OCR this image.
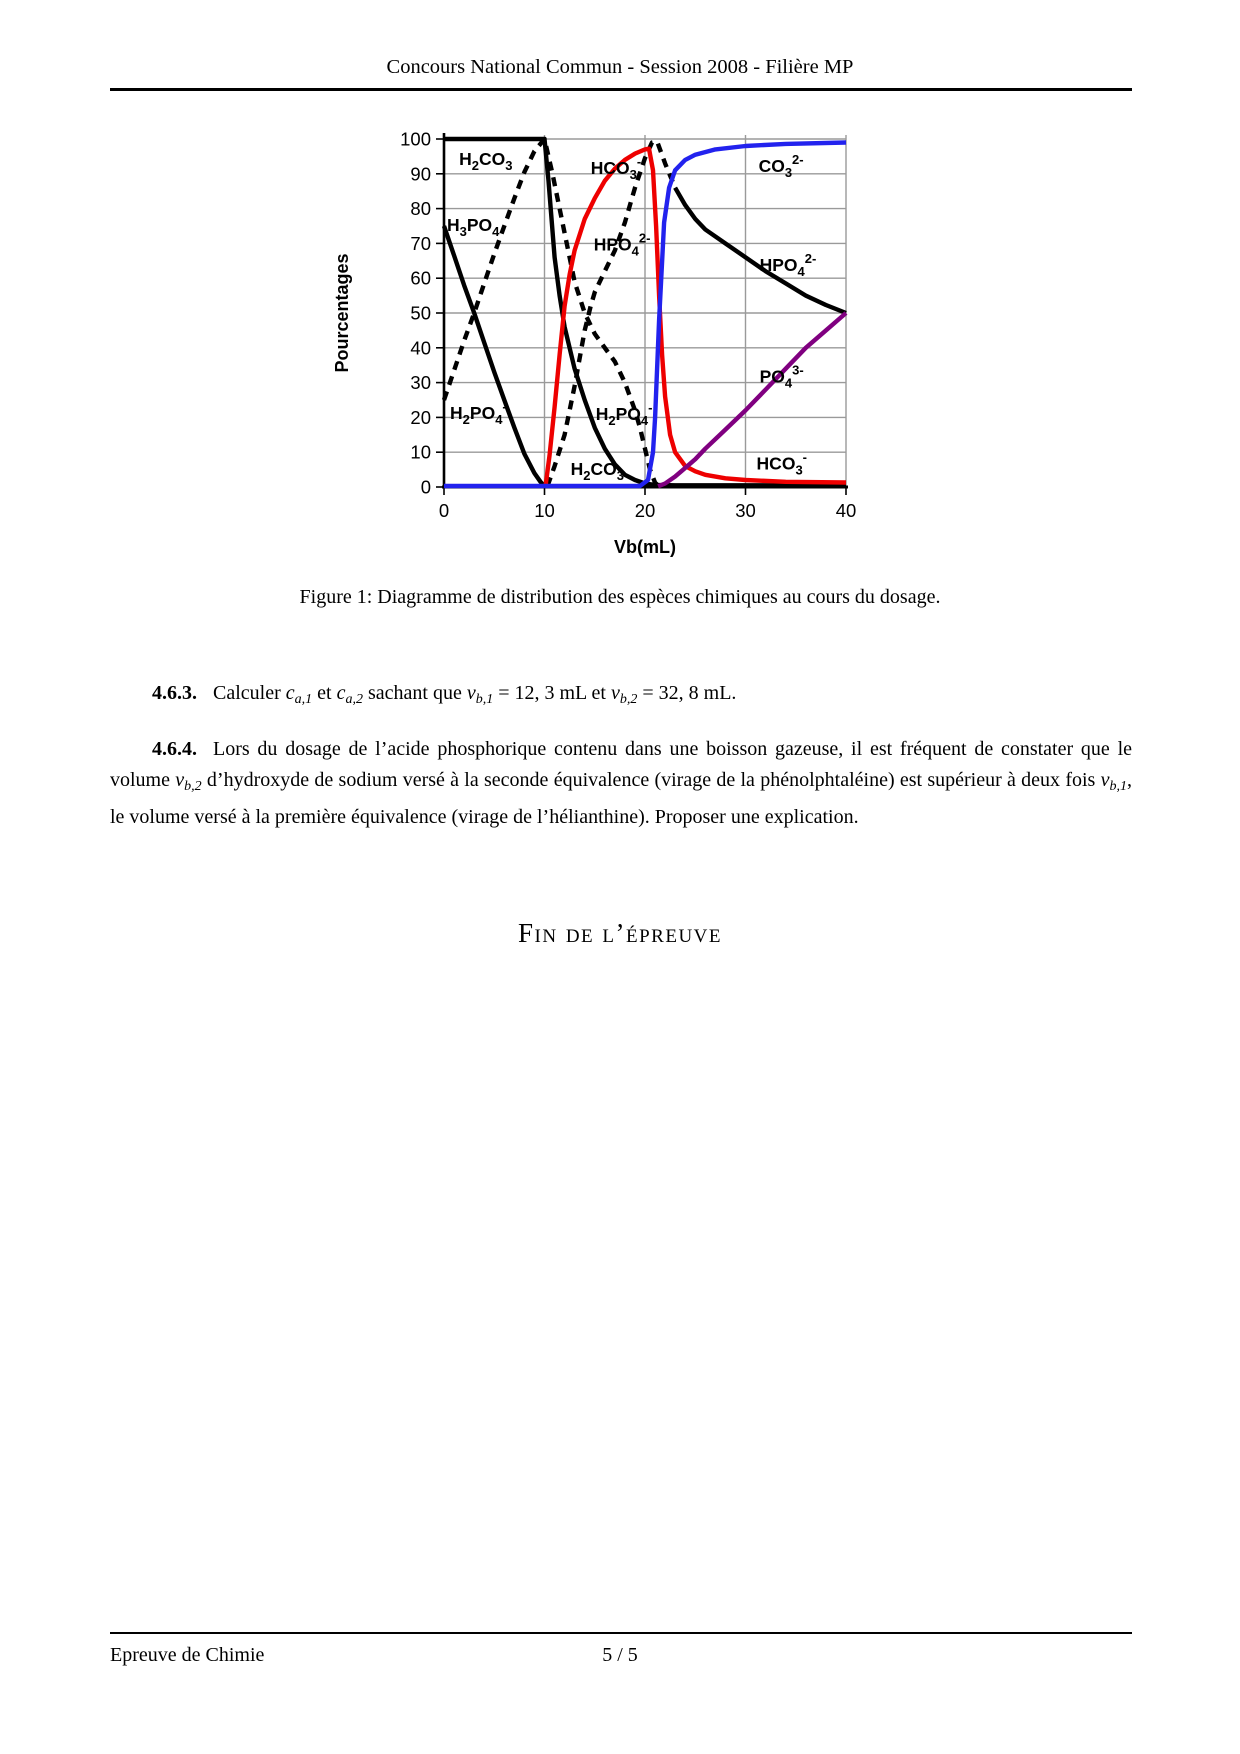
Concours National Commun - Session 2008 - Filière MP
Pourcentages
Vb(mL)
0
10
20
30
40
50
60
70
80
90
100
0	10	20	30	40
$H_2CO_3$	$HCO_3^-$	$CO_3^{2-}$
$H_3PO_4$
$HPO_4^{2-}$
$HPO_4^{2-}$
$H_2PO_4^-$	$H_2PO_4^-$
$PO_4^{3-}$
$H_2CO_3$
$HCO_3^-$
Figure 1: Diagramme de distribution des espèces chimiques au cours du dosage.

4.6.3. Calculer $c_{a,1}$ et $c_{a,2}$ sachant que $v_{b,1} = 12$, 3 mL et $v_{b,2} = 32$, 8 mL.

4.6.4. Lors du dosage de l’acide phosphorique contenu dans une boisson gazeuse, il est fréquent de constater que le volume $v_{b,2}$ d’hydroxyde de sodium versé à la seconde équivalence (virage de la phénolphtaléine) est supérieur à deux fois $v_{b,1}$, le volume versé à la première équivalence (virage de l’hélianthine). Proposer une explication.

Fin de l’épreuve
Epreuve de Chimie	5 / 5
